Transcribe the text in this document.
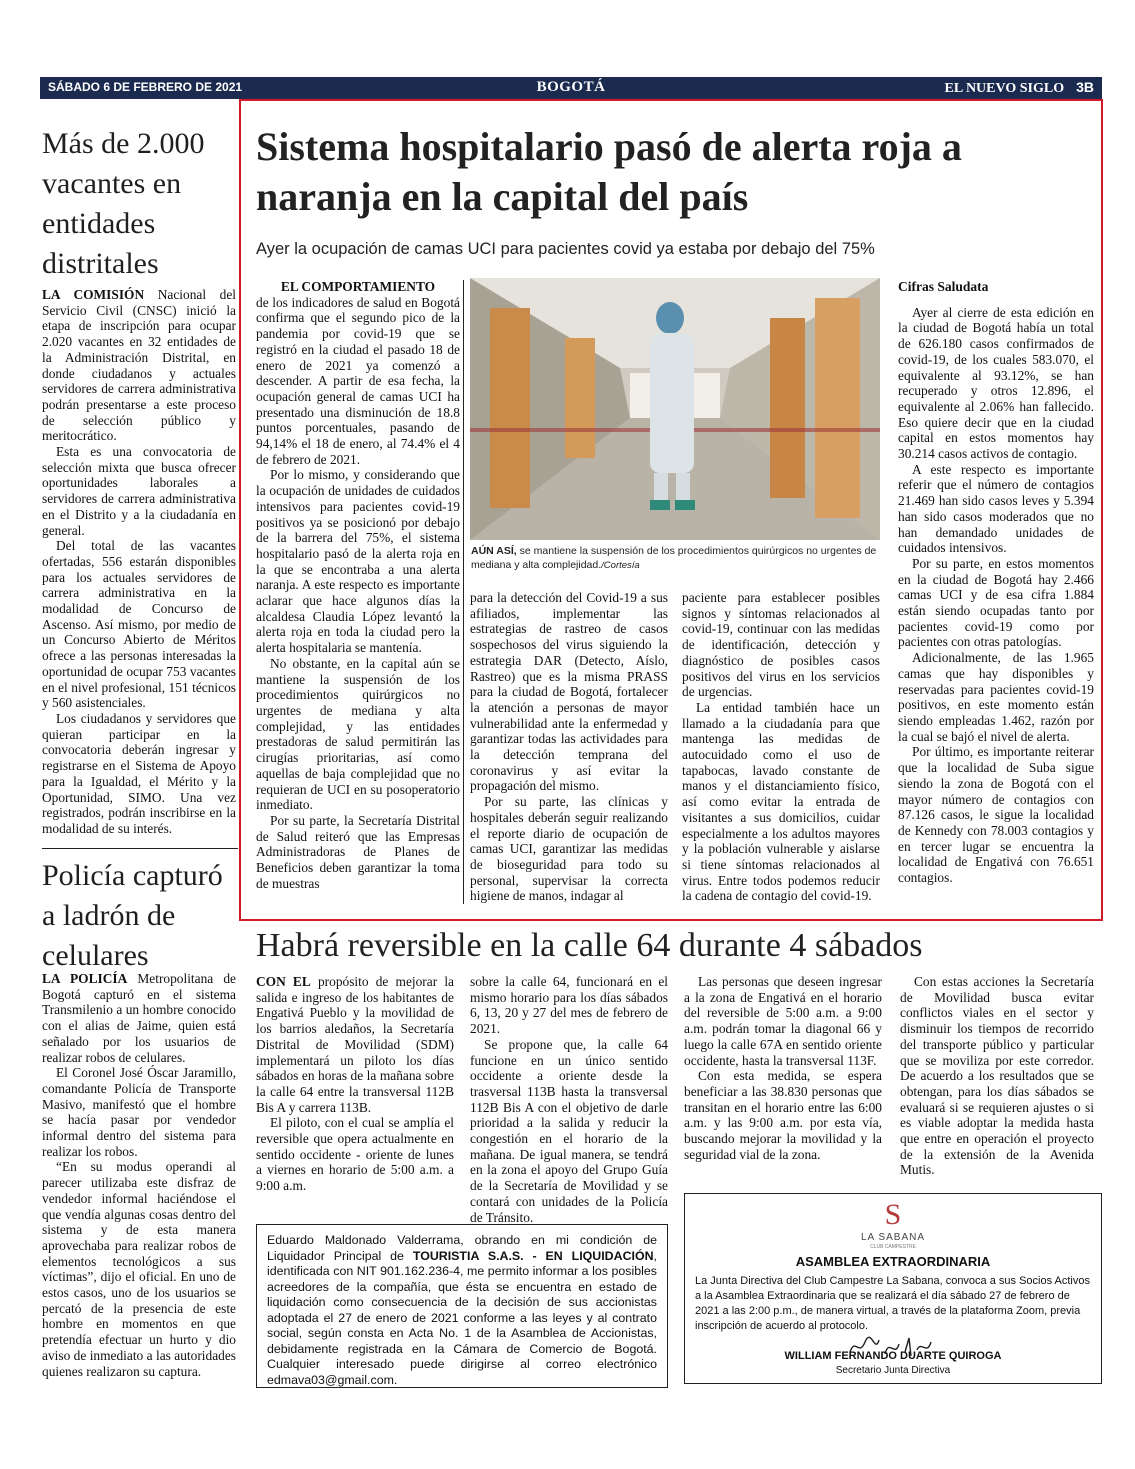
SÁBADO 6 DE FEBRERO DE 2021	BOGOTÁ	EL NUEVO SIGLO 3B
Más de 2.000 vacantes en entidades distritales

LA COMISIÓN Nacional del Servicio Civil (CNSC) inició la etapa de inscripción para ocupar 2.020 vacantes en 32 entidades de la Administración Distrital, en donde ciudadanos y actuales servidores de carrera administrativa podrán presentarse a este proceso de selección público y meritocrático.

Esta es una convocatoria de selección mixta que busca ofrecer oportunidades laborales a servidores de carrera administrativa en el Distrito y a la ciudadanía en general.

Del total de las vacantes ofertadas, 556 estarán disponibles para los actuales servidores de carrera administrativa en la modalidad de Concurso de Ascenso. Así mismo, por medio de un Concurso Abierto de Méritos ofrece a las personas interesadas la oportunidad de ocupar 753 vacantes en el nivel profesional, 151 técnicos y 560 asistenciales.

Los ciudadanos y servidores que quieran participar en la convocatoria deberán ingresar y registrarse en el Sistema de Apoyo para la Igualdad, el Mérito y la Oportunidad, SIMO. Una vez registrados, podrán inscribirse en la modalidad de su interés.

Policía capturó a ladrón de celulares

LA POLICÍA Metropolitana de Bogotá capturó en el sistema Transmilenio a un hombre conocido con el alias de Jaime, quien está señalado por los usuarios de realizar robos de celulares.

El Coronel José Óscar Jaramillo, comandante Policía de Transporte Masivo, manifestó que el hombre se hacía pasar por vendedor informal dentro del sistema para realizar los robos.

“En su modus operandi al parecer utilizaba este disfraz de vendedor informal haciéndose el que vendía algunas cosas dentro del sistema y de esta manera aprovechaba para realizar robos de elementos tecnológicos a sus víctimas”, dijo el oficial. En uno de estos casos, uno de los usuarios se percató de la presencia de este hombre en momentos en que pretendía efectuar un hurto y dio aviso de inmediato a las autoridades quienes realizaron su captura.

Sistema hospitalario pasó de alerta roja a naranja en la capital del país
Ayer la ocupación de camas UCI para pacientes covid ya estaba por debajo del 75%

EL COMPORTAMIENTO

de los indicadores de salud en Bogotá confirma que el segundo pico de la pandemia por covid-19 que se registró en la ciudad el pasado 18 de enero de 2021 ya comenzó a descender. A partir de esa fecha, la ocupación general de camas UCI ha presentado una disminución de 18.8 puntos porcentuales, pasando de 94,14% el 18 de enero, al 74.4% el 4 de febrero de 2021.

Por lo mismo, y considerando que la ocupación de unidades de cuidados intensivos para pacientes covid-19 positivos ya se posicionó por debajo de la barrera del 75%, el sistema hospitalario pasó de la alerta roja en la que se encontraba a una alerta naranja. A este respecto es importante aclarar que hace algunos días la alcaldesa Claudia López levantó la alerta roja en toda la ciudad pero la alerta hospitalaria se mantenía.

No obstante, en la capital aún se mantiene la suspensión de los procedimientos quirúrgicos no urgentes de mediana y alta complejidad, y las entidades prestadoras de salud permitirán las cirugías prioritarias, así como aquellas de baja complejidad que no requieran de UCI en su posoperatorio inmediato.

Por su parte, la Secretaría Distrital de Salud reiteró que las Empresas Administradoras de Planes de Beneficios deben garantizar la toma de muestras

AÚN ASÍ, se mantiene la suspensión de los procedimientos quirúrgicos no urgentes de mediana y alta complejidad./Cortesía

para la detección del Covid-19 a sus afiliados, implementar las estrategias de rastreo de casos sospechosos del virus siguiendo la estrategia DAR (Detecto, Aíslo, Rastreo) que es la misma PRASS para la ciudad de Bogotá, fortalecer la atención a personas de mayor vulnerabilidad ante la enfermedad y garantizar todas las actividades para la detección temprana del coronavirus y así evitar la propagación del mismo.

Por su parte, las clínicas y hospitales deberán seguir realizando el reporte diario de ocupación de camas UCI, garantizar las medidas de bioseguridad para todo su personal, supervisar la correcta higiene de manos, indagar al

paciente para establecer posibles signos y síntomas relacionados al covid-19, continuar con las medidas de identificación, detección y diagnóstico de posibles casos positivos del virus en los servicios de urgencias.

La entidad también hace un llamado a la ciudadanía para que mantenga las medidas de autocuidado como el uso de tapabocas, lavado constante de manos y el distanciamiento físico, así como evitar la entrada de visitantes a sus domicilios, cuidar especialmente a los adultos mayores y la población vulnerable y aislarse si tiene síntomas relacionados al virus. Entre todos podemos reducir la cadena de contagio del covid-19.

Cifras Saludata

Ayer al cierre de esta edición en la ciudad de Bogotá había un total de 626.180 casos confirmados de covid-19, de los cuales 583.070, el equivalente al 93.12%, se han recuperado y otros 12.896, el equivalente al 2.06% han fallecido. Eso quiere decir que en la ciudad capital en estos momentos hay 30.214 casos activos de contagio.

A este respecto es importante referir que el número de contagios 21.469 han sido casos leves y 5.394 han sido casos moderados que no han demandado unidades de cuidados intensivos.

Por su parte, en estos momentos en la ciudad de Bogotá hay 2.466 camas UCI y de esa cifra 1.884 están siendo ocupadas tanto por pacientes covid-19 como por pacientes con otras patologías.

Adicionalmente, de las 1.965 camas que hay disponibles y reservadas para pacientes covid-19 positivos, en este momento están siendo empleadas 1.462, razón por la cual se bajó el nivel de alerta.

Por último, es importante reiterar que la localidad de Suba sigue siendo la zona de Bogotá con el mayor número de contagios con 87.126 casos, le sigue la localidad de Kennedy con 78.003 contagios y en tercer lugar se encuentra la localidad de Engativá con 76.651 contagios.

Habrá reversible en la calle 64 durante 4 sábados

CON EL propósito de mejorar la salida e ingreso de los habitantes de Engativá Pueblo y la movilidad de los barrios aledaños, la Secretaría Distrital de Movilidad (SDM) implementará un piloto los días sábados en horas de la mañana sobre la calle 64 entre la transversal 112B Bis A y carrera 113B.

El piloto, con el cual se amplía el reversible que opera actualmente en sentido occidente - oriente de lunes a viernes en horario de 5:00 a.m. a 9:00 a.m.

sobre la calle 64, funcionará en el mismo horario para los días sábados 6, 13, 20 y 27 del mes de febrero de 2021.

Se propone que, la calle 64 funcione en un único sentido occidente a oriente desde la trasversal 113B hasta la transversal 112B Bis A con el objetivo de darle prioridad a la salida y reducir la congestión en el horario de la mañana. De igual manera, se tendrá en la zona el apoyo del Grupo Guía de la Secretaría de Movilidad y se contará con unidades de la Policía de Tránsito.

Las personas que deseen ingresar a la zona de Engativá en el horario del reversible de 5:00 a.m. a 9:00 a.m. podrán tomar la diagonal 66 y luego la calle 67A en sentido oriente occidente, hasta la transversal 113F.

Con esta medida, se espera beneficiar a las 38.830 personas que transitan en el horario entre las 6:00 a.m. y las 9:00 a.m. por esta vía, buscando mejorar la movilidad y la seguridad vial de la zona.

Con estas acciones la Secretaría de Movilidad busca evitar conflictos viales en el sector y disminuir los tiempos de recorrido del transporte público y particular que se moviliza por este corredor. De acuerdo a los resultados que se obtengan, para los días sábados se evaluará si se requieren ajustes o si es viable adoptar la medida hasta que entre en operación el proyecto de la extensión de la Avenida Mutis.

Eduardo Maldonado Valderrama, obrando en mi condición de Liquidador Principal de TOURISTIA S.A.S. - EN LIQUIDACIÓN, identificada con NIT 901.162.236-4, me permito informar a los posibles acreedores de la compañía, que ésta se encuentra en estado de liquidación como consecuencia de la decisión de sus accionistas adoptada el 27 de enero de 2021 conforme a las leyes y al contrato social, según consta en Acta No. 1 de la Asamblea de Accionistas, debidamente registrada en la Cámara de Comercio de Bogotá. Cualquier interesado puede dirigirse al correo electrónico edmava03@gmail.com.
S
LA SABANA
CLUB CAMPESTRE
ASAMBLEA EXTRAORDINARIA
La Junta Directiva del Club Campestre La Sabana, convoca a sus Socios Activos a la Asamblea Extraordinaria que se realizará el día sábado 27 de febrero de 2021 a las 2:00 p.m., de manera virtual, a través de la plataforma Zoom, previa inscripción de acuerdo al protocolo.
WILLIAM FERNANDO DUARTE QUIROGA
Secretario Junta Directiva
